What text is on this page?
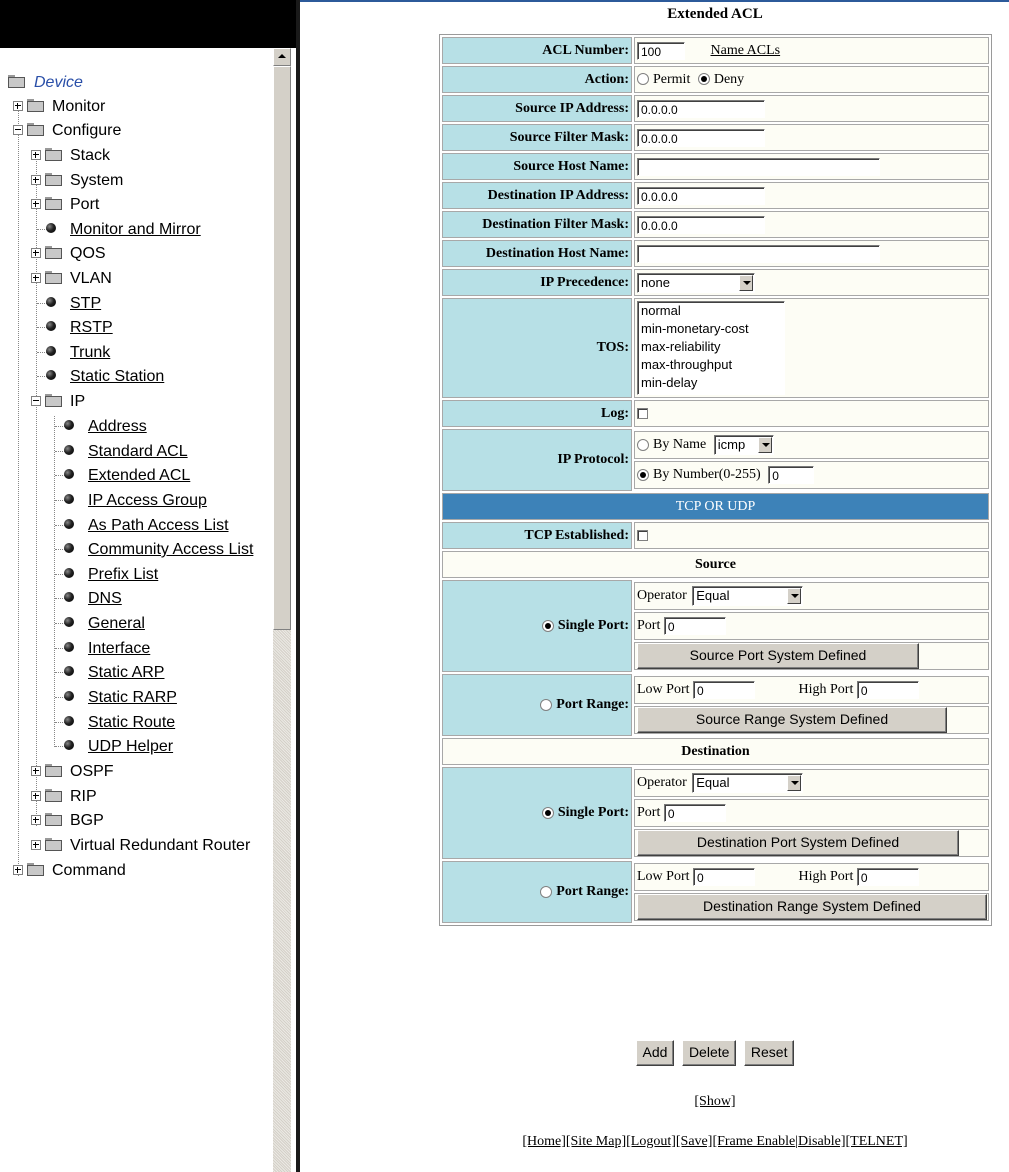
Device
Monitor
Configure
Stack
System
Port
Monitor and Mirror
QOS
VLAN
STP
RSTP
Trunk
Static Station
IP
Address
Standard ACL
Extended ACL
IP Access Group
As Path Access List
Community Access List
Prefix List
DNS
General
Interface
Static ARP
Static RARP
Static Route
UDP Helper
OSPF
RIP
BGP
Virtual Redundant Router
Command
Extended ACL
ACL Number:	100	Name ACLs
Action:	Permit Deny
Source IP Address:	0.0.0.0
Source Filter Mask:	0.0.0.0
Source Host Name:	
Destination IP Address:	0.0.0.0
Destination Filter Mask:	0.0.0.0
Destination Host Name:	
IP Precedence:	none

TOS:	
normal
min-monetary-cost
max-reliability
max-throughput
min-delay

Log:	
IP Protocol:	
By Name icmp

By Number(0-255) 0

TCP OR UDP
TCP Established:	
Source
Single Port:	
Operator Equal

Port 0
Source Port System Defined

Port Range:	
Low Port 0	High Port 0
Source Range System Defined

Destination
Single Port:	
Operator Equal

Port 0
Destination Port System Defined

Port Range:	
Low Port 0	High Port 0
Destination Range System Defined
Add Delete Reset
[Show]
[Home][Site Map][Logout][Save][Frame Enable|Disable][TELNET]
